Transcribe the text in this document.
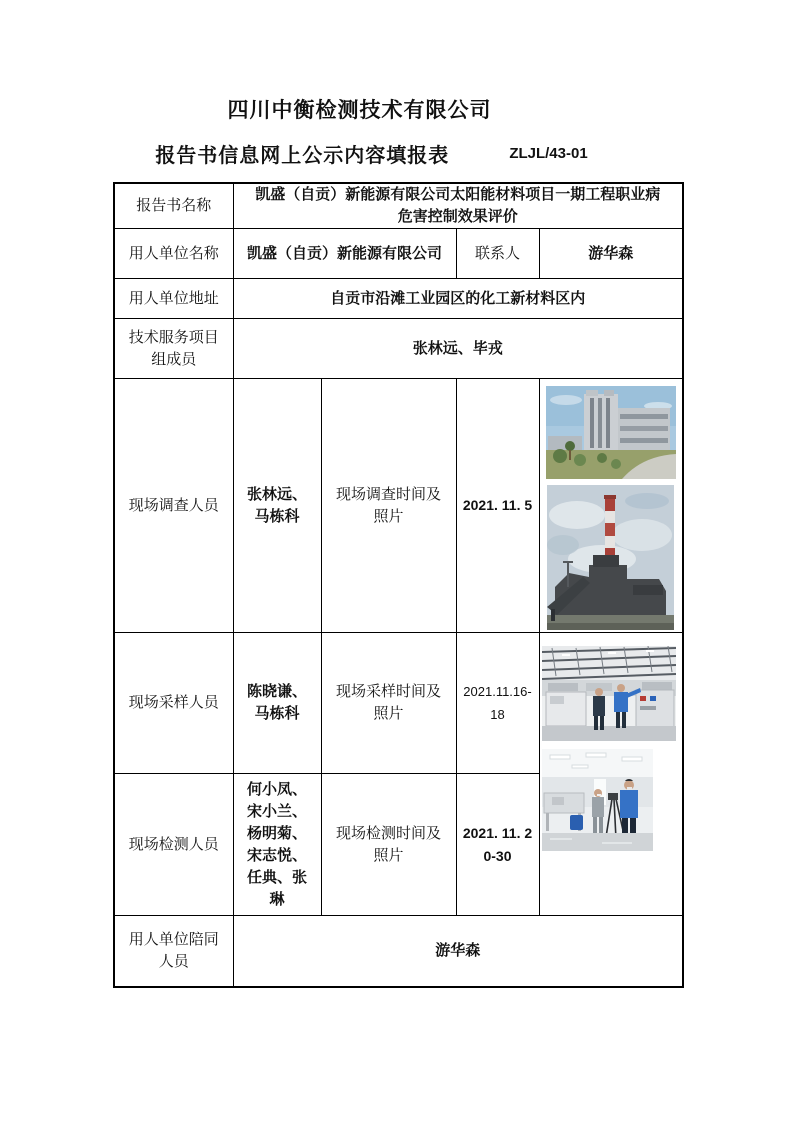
四川中衡检测技术有限公司
报告书信息网上公示内容填报表	ZLJL/43-01
报告书名称	凯盛（自贡）新能源有限公司太阳能材料项目一期工程职业病危害控制效果评价			
用人单位名称	凯盛（自贡）新能源有限公司		联系人	游华森
用人单位地址	自贡市沿滩工业园区的化工新材料区内			
技术服务项目组成员	张林远、毕戎			
现场调查人员	张林远、马栋科	现场调查时间及照片	2021. 11. 5	

现场采样人员	陈晓谦、马栋科	现场采样时间及照片	2021.11.16-18	

现场检测人员	何小凤、宋小兰、杨明菊、宋志悦、任典、张琳	现场检测时间及照片	2021. 11. 20-30	
用人单位陪同人员	游华森			
